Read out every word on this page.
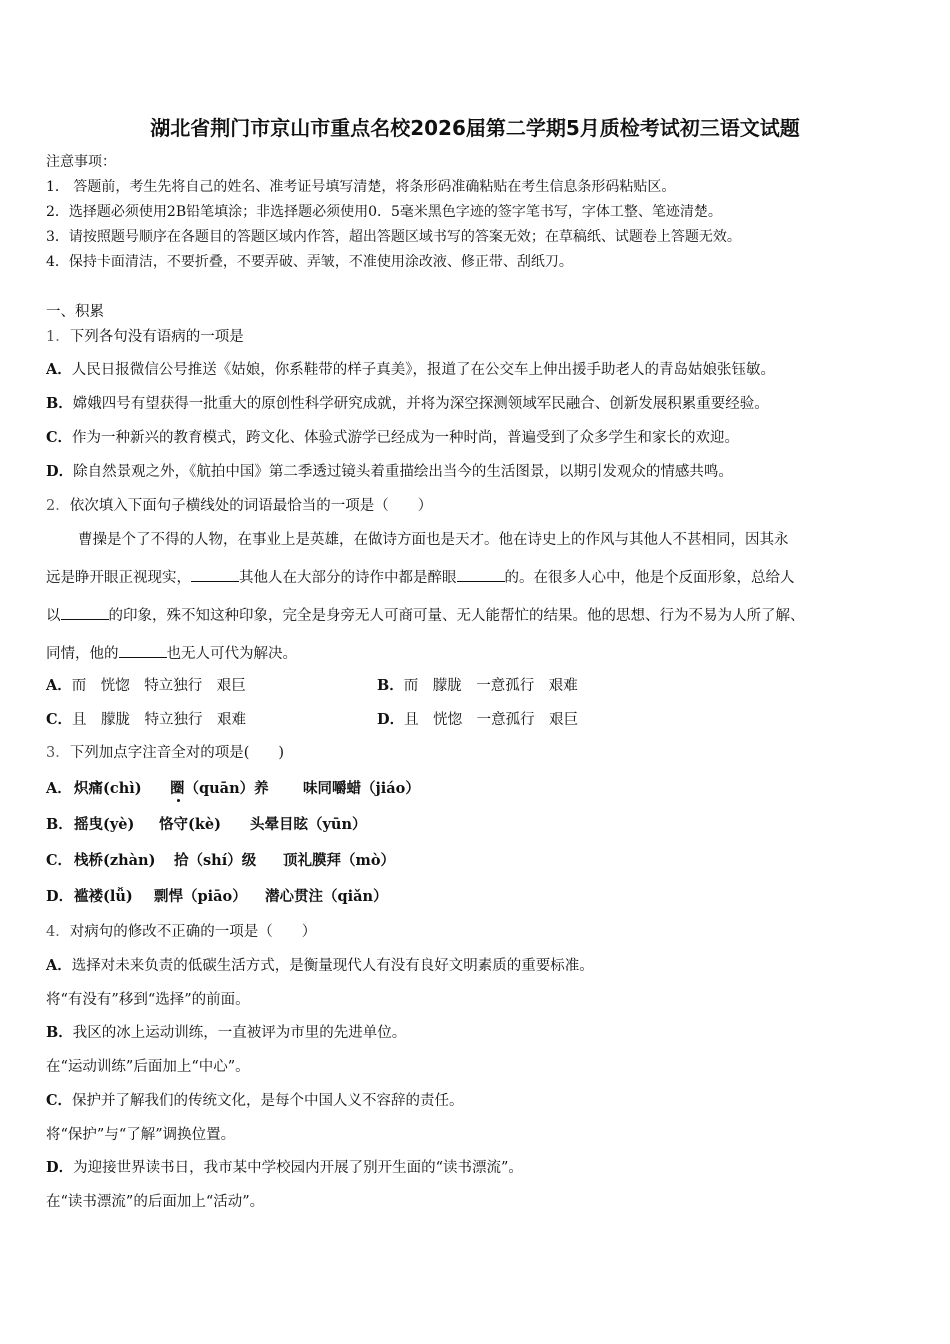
湖北省荆门市京山市重点名校2026届第二学期5月质检考试初三语文试题
注意事项：
1． 答题前，考生先将自己的姓名、准考证号填写清楚，将条形码准确粘贴在考生信息条形码粘贴区。
2．选择题必须使用2B铅笔填涂；非选择题必须使用0．5毫米黑色字迹的签字笔书写，字体工整、笔迹清楚。
3．请按照题号顺序在各题目的答题区域内作答，超出答题区域书写的答案无效；在草稿纸、试题卷上答题无效。
4．保持卡面清洁，不要折叠，不要弄破、弄皱，不准使用涂改液、修正带、刮纸刀。
一、积累
1．下列各句没有语病的一项是
A．人民日报微信公号推送《姑娘，你系鞋带的样子真美》，报道了在公交车上伸出援手助老人的青岛姑娘张钰敏。
B．嫦娥四号有望获得一批重大的原创性科学研究成就，并将为深空探测领域军民融合、创新发展积累重要经验。
C．作为一种新兴的教育模式，跨文化、体验式游学已经成为一种时尚，普遍受到了众多学生和家长的欢迎。
D．除自然景观之外，《航拍中国》第二季透过镜头着重描绘出当今的生活图景，以期引发观众的情感共鸣。
2．依次填入下面句子横线处的词语最恰当的一项是（　　）
曹操是个了不得的人物，在事业上是英雄，在做诗方面也是天才。他在诗史上的作风与其他人不甚相同，因其永
远是睁开眼正视现实，	其他人在大部分的诗作中都是醉眼	的。在很多人心中，他是个反面形象，总给人
以	的印象，殊不知这种印象，完全是身旁无人可商可量、无人能帮忙的结果。他的思想、行为不易为人所了解、
同情，他的	也无人可代为解决。
A．而　恍惚　特立独行　艰巨	B．而　朦胧　一意孤行　艰难
C．且　朦胧　特立独行　艰难	D．且　恍惚　一意孤行　艰巨
3．下列加点字注音全对的项是(　　)
A． 炽痛(chì) 圈（quān）养 味同嚼蜡（jiáo）
B． 摇曳(yè) 恪守(kè) 头晕目眩（yūn）
C． 栈桥(zhàn) 拾（shí）级 顶礼膜拜（mò）
D． 褴褛(lǚ) 剽悍（piāo） 潜心贯注（qiǎn）
4．对病句的修改不正确的一项是（　　）
A．选择对未来负责的低碳生活方式，是衡量现代人有没有良好文明素质的重要标准。
将“有没有”移到“选择”的前面。
B．我区的冰上运动训练，一直被评为市里的先进单位。
在“运动训练”后面加上“中心”。
C．保护并了解我们的传统文化，是每个中国人义不容辞的责任。
将“保护”与“了解”调换位置。
D．为迎接世界读书日，我市某中学校园内开展了别开生面的“读书漂流”。
在“读书漂流”的后面加上“活动”。
